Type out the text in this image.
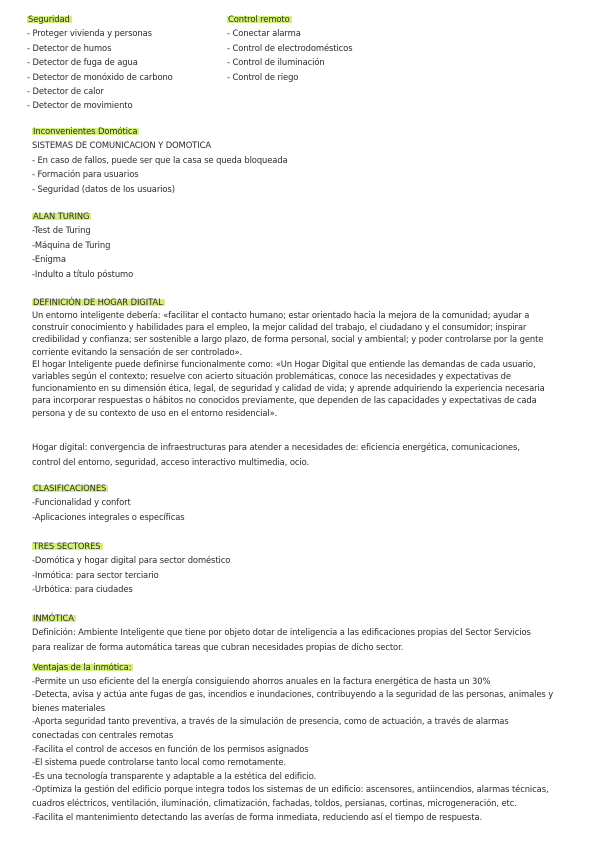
Seguridad
- Proteger vivienda y personas
- Detector de humos
- Detector de fuga de agua
- Detector de monóxido de carbono
- Detector de calor
- Detector de movimiento
Control remoto
- Conectar alarma
- Control de electrodomésticos
- Control de iluminación
- Control de riego
Inconvenientes Domótica
SISTEMAS DE COMUNICACION Y DOMOTICA
- En caso de fallos, puede ser que la casa se queda bloqueada
- Formación para usuarios
- Seguridad (datos de los usuarios)
ALAN TURING
-Test de Turing
-Máquina de Turing
-Enigma
-Indulto a título póstumo
DEFINICIÓN DE HOGAR DIGITAL
Un entorno inteligente debería: «facilitar el contacto humano; estar orientado hacia la mejora de la comunidad; ayudar a
construir conocimiento y habilidades para el empleo, la mejor calidad del trabajo, el ciudadano y el consumidor; inspirar
credibilidad y confianza; ser sostenible a largo plazo, de forma personal, social y ambiental; y poder controlarse por la gente
corriente evitando la sensación de ser controlado».
El hogar Inteligente puede definirse funcionalmente como: «Un Hogar Digital que entiende las demandas de cada usuario,
variables según el contexto; resuelve con acierto situación problemáticas, conoce las necesidades y expectativas de
funcionamiento en su dimensión ética, legal, de seguridad y calidad de vida; y aprende adquiriendo la experiencia necesaria
para incorporar respuestas o hábitos no conocidos previamente, que dependen de las capacidades y expectativas de cada
persona y de su contexto de uso en el entorno residencial».
Hogar digital: convergencia de infraestructuras para atender a necesidades de: eficiencia energética, comunicaciones,
control del entorno, seguridad, acceso interactivo multimedia, ocio.
CLASIFICACIONES
-Funcionalidad y confort
-Aplicaciones integrales o específicas
TRES SECTORES
-Domótica y hogar digital para sector doméstico
-Inmótica: para sector terciario
-Urbótica: para ciudades
INMÓTICA
Definición: Ambiente Inteligente que tiene por objeto dotar de inteligencia a las edificaciones propias del Sector Servicios
para realizar de forma automática tareas que cubran necesidades propias de dicho sector.
Ventajas de la inmótica:
-Permite un uso eficiente del la energía consiguiendo ahorros anuales en la factura energética de hasta un 30%
-Detecta, avisa y actúa ante fugas de gas, incendios e inundaciones, contribuyendo a la seguridad de las personas, animales y
bienes materiales
-Aporta seguridad tanto preventiva, a través de la simulación de presencia, como de actuación, a través de alarmas
conectadas con centrales remotas
-Facilita el control de accesos en función de los permisos asignados
-El sistema puede controlarse tanto local como remotamente.
-Es una tecnología transparente y adaptable a la estética del edificio.
-Optimiza la gestión del edificio porque integra todos los sistemas de un edificio: ascensores, antiincendios, alarmas técnicas,
cuadros eléctricos, ventilación, iluminación, climatización, fachadas, toldos, persianas, cortinas, microgeneración, etc.
-Facilita el mantenimiento detectando las averías de forma inmediata, reduciendo así el tiempo de respuesta.
